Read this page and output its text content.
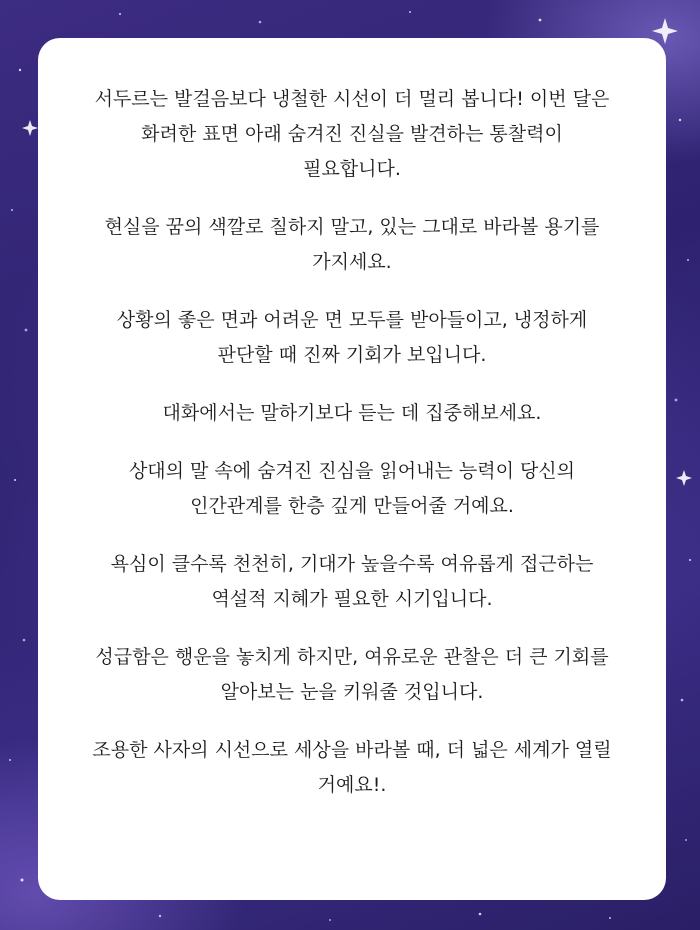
서두르는 발걸음보다 냉철한 시선이 더 멀리 봅니다! 이번 달은
화려한 표면 아래 숨겨진 진실을 발견하는 통찰력이
필요합니다.

현실을 꿈의 색깔로 칠하지 말고, 있는 그대로 바라볼 용기를
가지세요.

상황의 좋은 면과 어려운 면 모두를 받아들이고, 냉정하게
판단할 때 진짜 기회가 보입니다.

대화에서는 말하기보다 듣는 데 집중해보세요.

상대의 말 속에 숨겨진 진심을 읽어내는 능력이 당신의
인간관계를 한층 깊게 만들어줄 거예요.

욕심이 클수록 천천히, 기대가 높을수록 여유롭게 접근하는
역설적 지혜가 필요한 시기입니다.

성급함은 행운을 놓치게 하지만, 여유로운 관찰은 더 큰 기회를
알아보는 눈을 키워줄 것입니다.

조용한 사자의 시선으로 세상을 바라볼 때, 더 넓은 세계가 열릴
거예요!.
